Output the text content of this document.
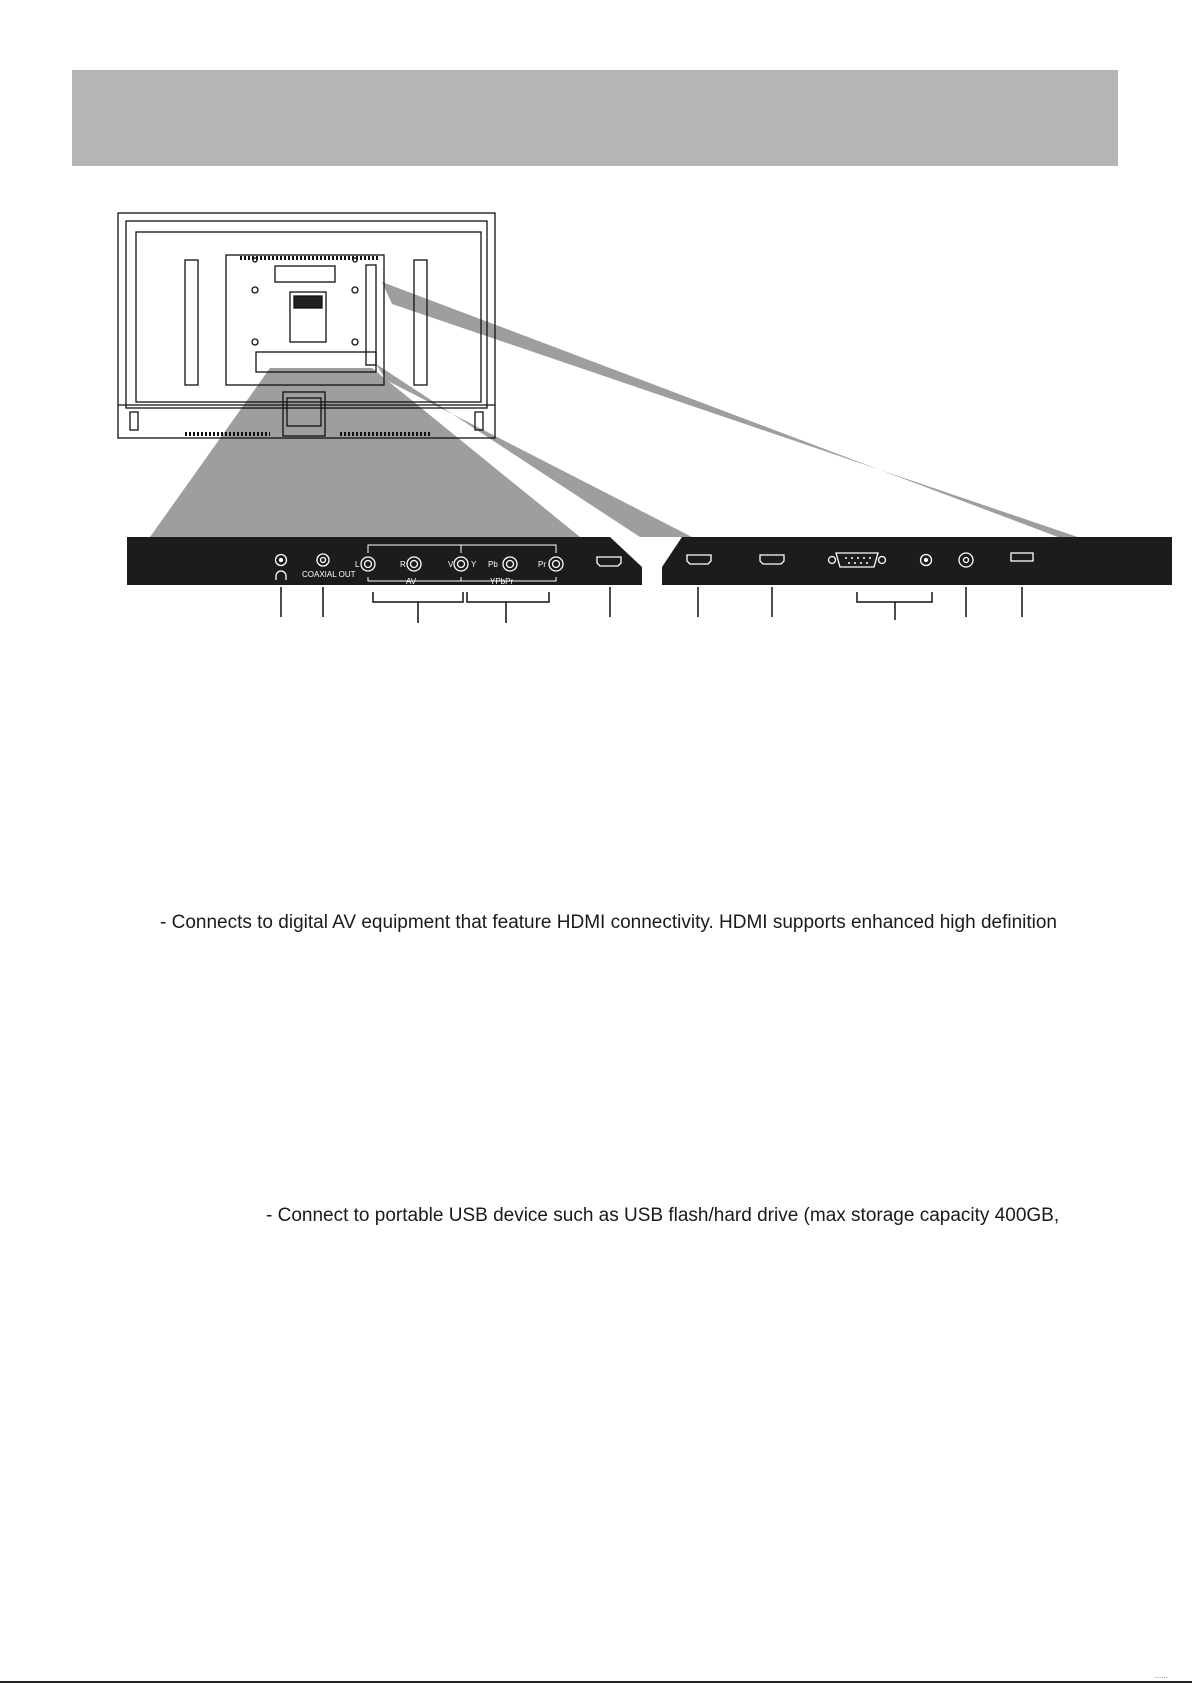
COAXIAL OUT
L	R	V Y Pb	Pr
AV	YPbPr
- Connects to digital AV equipment that feature HDMI connectivity. HDMI supports enhanced high definition
- Connect to portable USB device such as USB flash/hard drive (max storage capacity 400GB,
......
